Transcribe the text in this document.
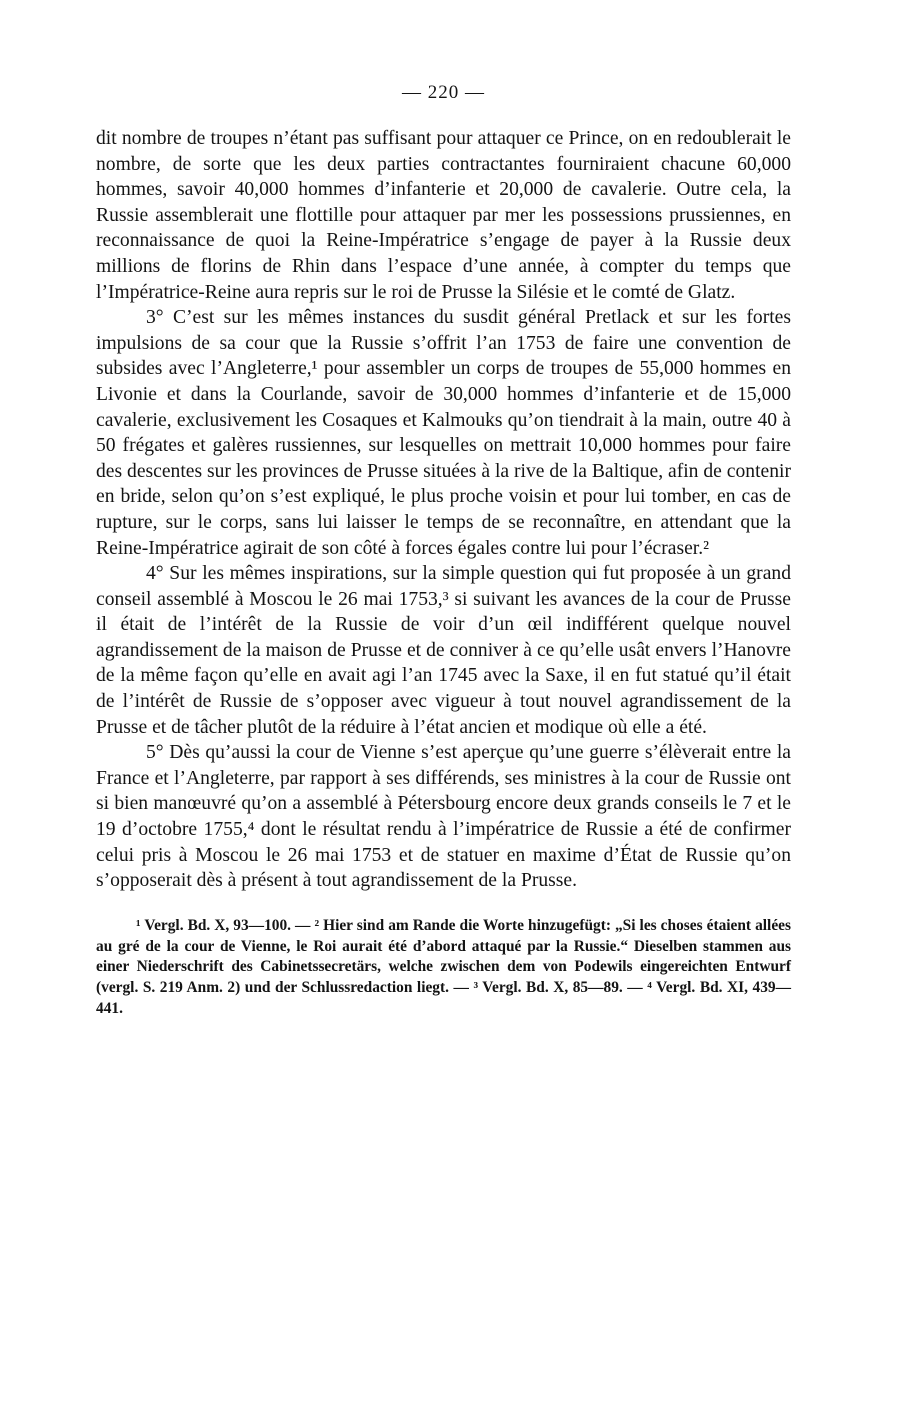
— 220 —

dit nombre de troupes n’étant pas suffisant pour attaquer ce Prince, on en redoublerait le nombre, de sorte que les deux parties contractantes fourniraient chacune 60,000 hommes, savoir 40,000 hommes d’infanterie et 20,000 de cavalerie. Outre cela, la Russie assemblerait une flottille pour attaquer par mer les possessions prussiennes, en reconnaissance de quoi la Reine-Impératrice s’engage de payer à la Russie deux millions de florins de Rhin dans l’espace d’une année, à compter du temps que l’Impératrice-Reine aura repris sur le roi de Prusse la Silésie et le comté de Glatz.

3° C’est sur les mêmes instances du susdit général Pretlack et sur les fortes impulsions de sa cour que la Russie s’offrit l’an 1753 de faire une convention de subsides avec l’Angleterre,¹ pour assembler un corps de troupes de 55,000 hommes en Livonie et dans la Courlande, savoir de 30,000 hommes d’infanterie et de 15,000 cavalerie, exclusivement les Cosaques et Kalmouks qu’on tiendrait à la main, outre 40 à 50 frégates et galères russiennes, sur lesquelles on mettrait 10,000 hommes pour faire des descentes sur les provinces de Prusse situées à la rive de la Baltique, afin de contenir en bride, selon qu’on s’est expliqué, le plus proche voisin et pour lui tomber, en cas de rupture, sur le corps, sans lui laisser le temps de se reconnaître, en attendant que la Reine-Impératrice agirait de son côté à forces égales contre lui pour l’écraser.²

4° Sur les mêmes inspirations, sur la simple question qui fut proposée à un grand conseil assemblé à Moscou le 26 mai 1753,³ si suivant les avances de la cour de Prusse il était de l’intérêt de la Russie de voir d’un œil indifférent quelque nouvel agrandissement de la maison de Prusse et de conniver à ce qu’elle usât envers l’Hanovre de la même façon qu’elle en avait agi l’an 1745 avec la Saxe, il en fut statué qu’il était de l’intérêt de Russie de s’opposer avec vigueur à tout nouvel agrandissement de la Prusse et de tâcher plutôt de la réduire à l’état ancien et modique où elle a été.

5° Dès qu’aussi la cour de Vienne s’est aperçue qu’une guerre s’élèverait entre la France et l’Angleterre, par rapport à ses différends, ses ministres à la cour de Russie ont si bien manœuvré qu’on a assemblé à Pétersbourg encore deux grands conseils le 7 et le 19 d’octobre 1755,⁴ dont le résultat rendu à l’impératrice de Russie a été de confirmer celui pris à Moscou le 26 mai 1753 et de statuer en maxime d’État de Russie qu’on s’opposerait dès à présent à tout agrandissement de la Prusse.

¹ Vergl. Bd. X, 93—100. — ² Hier sind am Rande die Worte hinzugefügt: „Si les choses étaient allées au gré de la cour de Vienne, le Roi aurait été d’abord attaqué par la Russie.“ Dieselben stammen aus einer Niederschrift des Cabinetssecretärs, welche zwischen dem von Podewils eingereichten Entwurf (vergl. S. 219 Anm. 2) und der Schlussredaction liegt. — ³ Vergl. Bd. X, 85—89. — ⁴ Vergl. Bd. XI, 439—441.
